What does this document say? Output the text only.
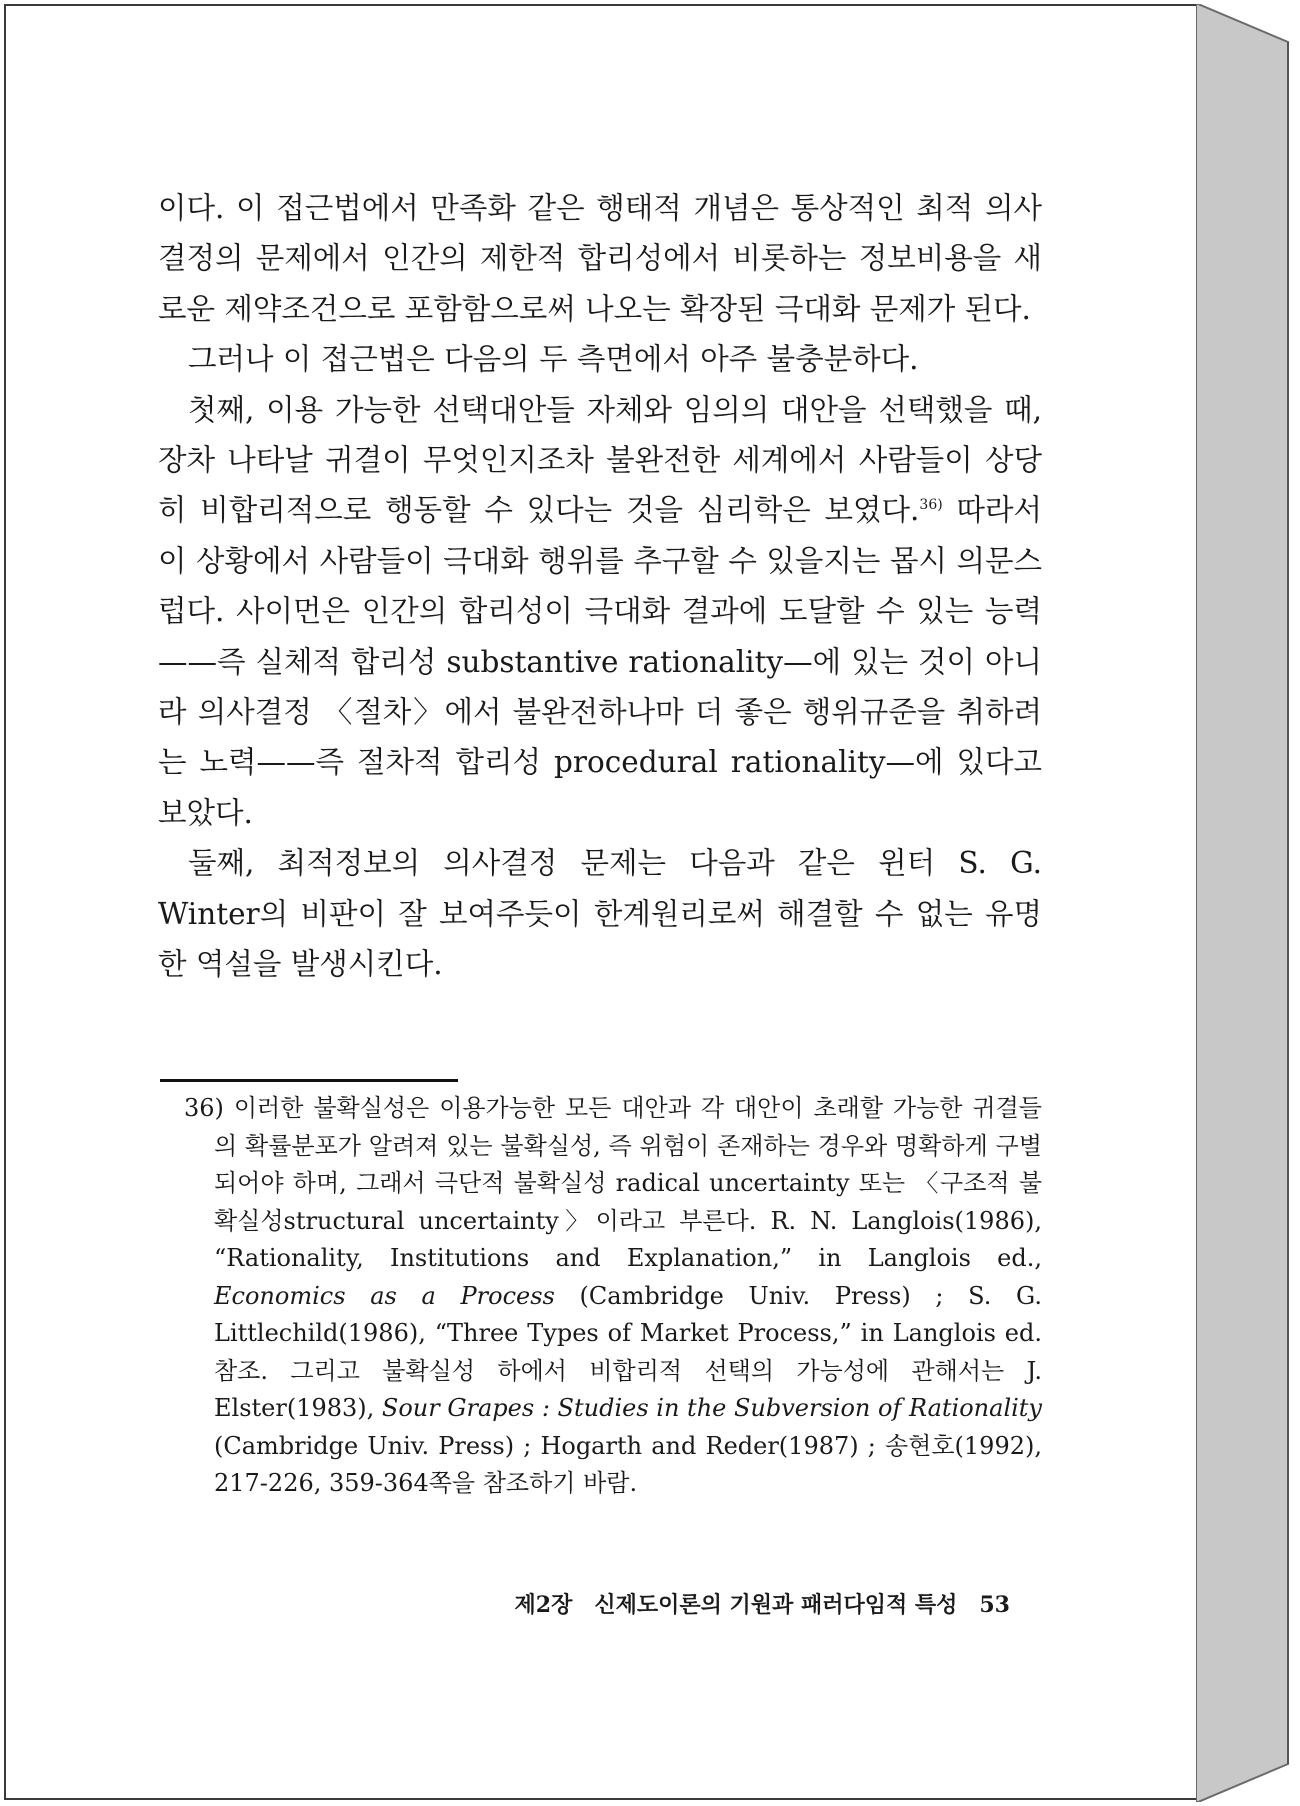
이다. 이 접근법에서 만족화 같은 행태적 개념은 통상적인 최적 의사결정의 문제에서 인간의 제한적 합리성에서 비롯하는 정보비용을 새로운 제약조건으로 포함함으로써 나오는 확장된 극대화 문제가 된다.

그러나 이 접근법은 다음의 두 측면에서 아주 불충분하다.

첫째, 이용 가능한 선택대안들 자체와 임의의 대안을 선택했을 때, 장차 나타날 귀결이 무엇인지조차 불완전한 세계에서 사람들이 상당히 비합리적으로 행동할 수 있다는 것을 심리학은 보였다.$^{36)}$ 따라서 이 상황에서 사람들이 극대화 행위를 추구할 수 있을지는 몹시 의문스럽다. 사이먼은 인간의 합리성이 극대화 결과에 도달할 수 있는 능력——즉 실체적 합리성 substantive rationality—에 있는 것이 아니라 의사결정 〈절차〉에서 불완전하나마 더 좋은 행위규준을 취하려는 노력——즉 절차적 합리성 procedural rationality—에 있다고 보았다.

둘째, 최적정보의 의사결정 문제는 다음과 같은 윈터 S. G. Winter의 비판이 잘 보여주듯이 한계원리로써 해결할 수 없는 유명한 역설을 발생시킨다.

36) 이러한 불확실성은 이용가능한 모든 대안과 각 대안이 초래할 가능한 귀결들의 확률분포가 알려져 있는 불확실성, 즉 위험이 존재하는 경우와 명확하게 구별되어야 하며, 그래서 극단적 불확실성 radical uncertainty 또는 〈구조적 불확실성structural uncertainty〉이라고 부른다. R. N. Langlois(1986), “Rationality, Institutions and Explanation,” in Langlois ed., Economics as a Process (Cambridge Univ. Press) ; S. G. Littlechild(1986), “Three Types of Market Process,” in Langlois ed. 참조. 그리고 불확실성 하에서 비합리적 선택의 가능성에 관해서는 J. Elster(1983), Sour Grapes : Studies in the Subversion of Rationality (Cambridge Univ. Press) ; Hogarth and Reder(1987) ; 송현호(1992), 217-226, 359-364쪽을 참조하기 바람.

제2장 신제도이론의 기원과 패러다임적 특성 53
